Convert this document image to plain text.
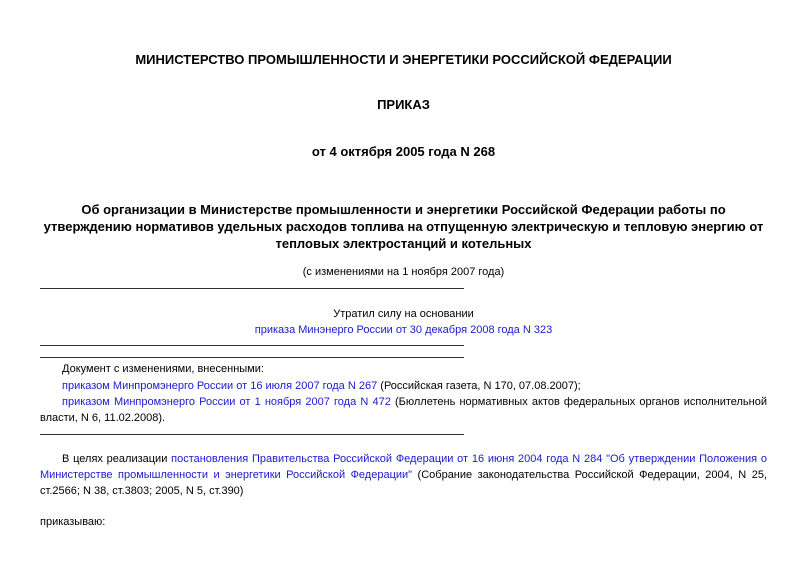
МИНИСТЕРСТВО ПРОМЫШЛЕННОСТИ И ЭНЕРГЕТИКИ РОССИЙСКОЙ ФЕДЕРАЦИИ
ПРИКАЗ
от 4 октября 2005 года N 268
Об организации в Министерстве промышленности и энергетики Российской Федерации работы по утверждению нормативов удельных расходов топлива на отпущенную электрическую и тепловую энергию от тепловых электростанций и котельных
(с изменениями на 1 ноября 2007 года)
Утратил силу на основании
приказа Минэнерго России от 30 декабря 2008 года N 323
Документ с изменениями, внесенными:
приказом Минпромэнерго России от 16 июля 2007 года N 267 (Российская газета, N 170, 07.08.2007);
приказом Минпромэнерго России от 1 ноября 2007 года N 472 (Бюллетень нормативных актов федеральных органов исполнительной власти, N 6, 11.02.2008).
В целях реализации постановления Правительства Российской Федерации от 16 июня 2004 года N 284 "Об утверждении Положения о Министерстве промышленности и энергетики Российской Федерации" (Собрание законодательства Российской Федерации, 2004, N 25, ст.2566; N 38, ст.3803; 2005, N 5, ст.390)
приказываю:
